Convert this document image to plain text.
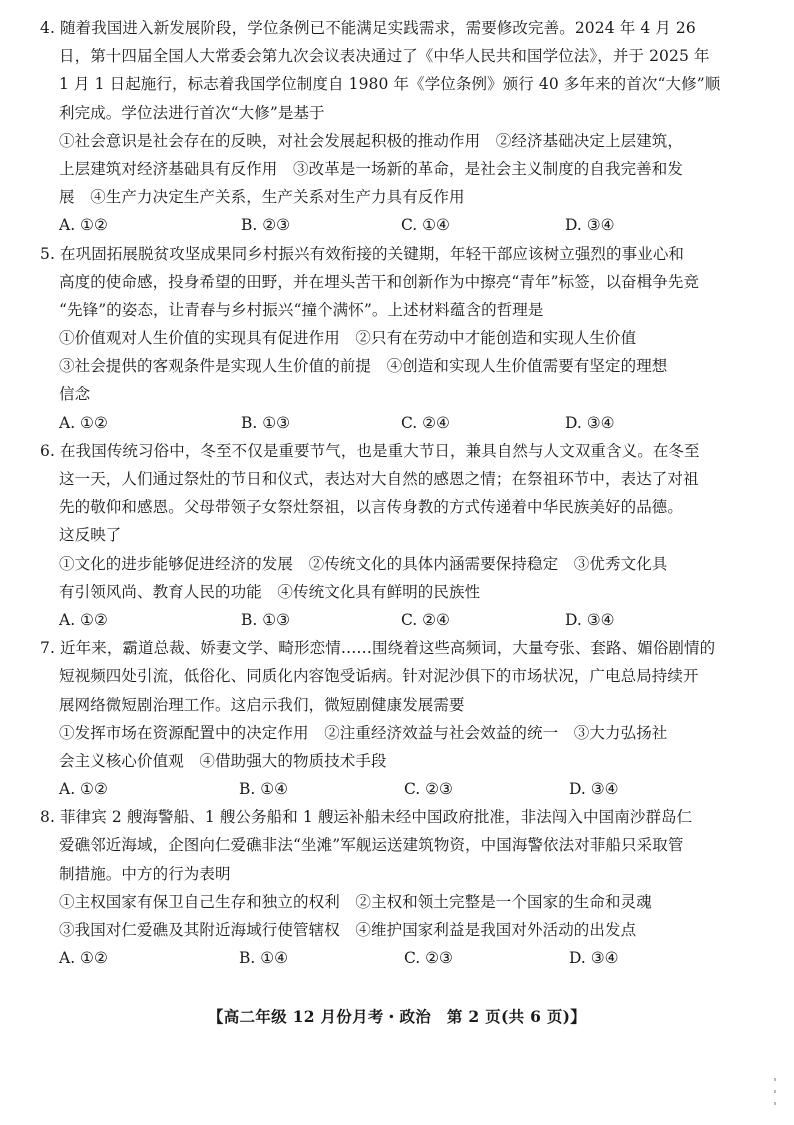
4. 随着我国进入新发展阶段，学位条例已不能满足实践需求，需要修改完善。2024 年 4 月 26
日，第十四届全国人大常委会第九次会议表决通过了《中华人民共和国学位法》，并于 2025 年
1 月 1 日起施行，标志着我国学位制度自 1980 年《学位条例》颁行 40 多年来的首次“大修”顺
利完成。学位法进行首次“大修”是基于
①社会意识是社会存在的反映，对社会发展起积极的推动作用　②经济基础决定上层建筑，
上层建筑对经济基础具有反作用　③改革是一场新的革命，是社会主义制度的自我完善和发
展　④生产力决定生产关系，生产关系对生产力具有反作用
A. ①②	B. ②③	C. ①④	D. ③④
5. 在巩固拓展脱贫攻坚成果同乡村振兴有效衔接的关键期，年轻干部应该树立强烈的事业心和
高度的使命感，投身希望的田野，并在埋头苦干和创新作为中擦亮“青年”标签，以奋楫争先竞
“先锋”的姿态，让青春与乡村振兴“撞个满怀”。上述材料蕴含的哲理是
①价值观对人生价值的实现具有促进作用　②只有在劳动中才能创造和实现人生价值
③社会提供的客观条件是实现人生价值的前提　④创造和实现人生价值需要有坚定的理想
信念
A. ①②	B. ①③	C. ②④	D. ③④
6. 在我国传统习俗中，冬至不仅是重要节气，也是重大节日，兼具自然与人文双重含义。在冬至
这一天，人们通过祭灶的节日和仪式，表达对大自然的感恩之情；在祭祖环节中，表达了对祖
先的敬仰和感恩。父母带领子女祭灶祭祖，以言传身教的方式传递着中华民族美好的品德。
这反映了
①文化的进步能够促进经济的发展　②传统文化的具体内涵需要保持稳定　③优秀文化具
有引领风尚、教育人民的功能　④传统文化具有鲜明的民族性
A. ①②	B. ①③	C. ②④	D. ③④
7. 近年来，霸道总裁、娇妻文学、畸形恋情……围绕着这些高频词，大量夸张、套路、媚俗剧情的
短视频四处引流，低俗化、同质化内容饱受诟病。针对泥沙俱下的市场状况，广电总局持续开
展网络微短剧治理工作。这启示我们，微短剧健康发展需要
①发挥市场在资源配置中的决定作用　②注重经济效益与社会效益的统一　③大力弘扬社
会主义核心价值观　④借助强大的物质技术手段
A. ①②	B. ①④	C. ②③	D. ③④
8. 菲律宾 2 艘海警船、1 艘公务船和 1 艘运补船未经中国政府批准，非法闯入中国南沙群岛仁
爱礁邻近海域，企图向仁爱礁非法“坐滩”军舰运送建筑物资，中国海警依法对菲船只采取管
制措施。中方的行为表明
①主权国家有保卫自己生存和独立的权利　②主权和领土完整是一个国家的生命和灵魂
③我国对仁爱礁及其附近海域行使管辖权　④维护国家利益是我国对外活动的出发点
A. ①②	B. ①④	C. ②③	D. ③④
【高二年级 12 月份月考・政治　第 2 页(共 6 页)】
